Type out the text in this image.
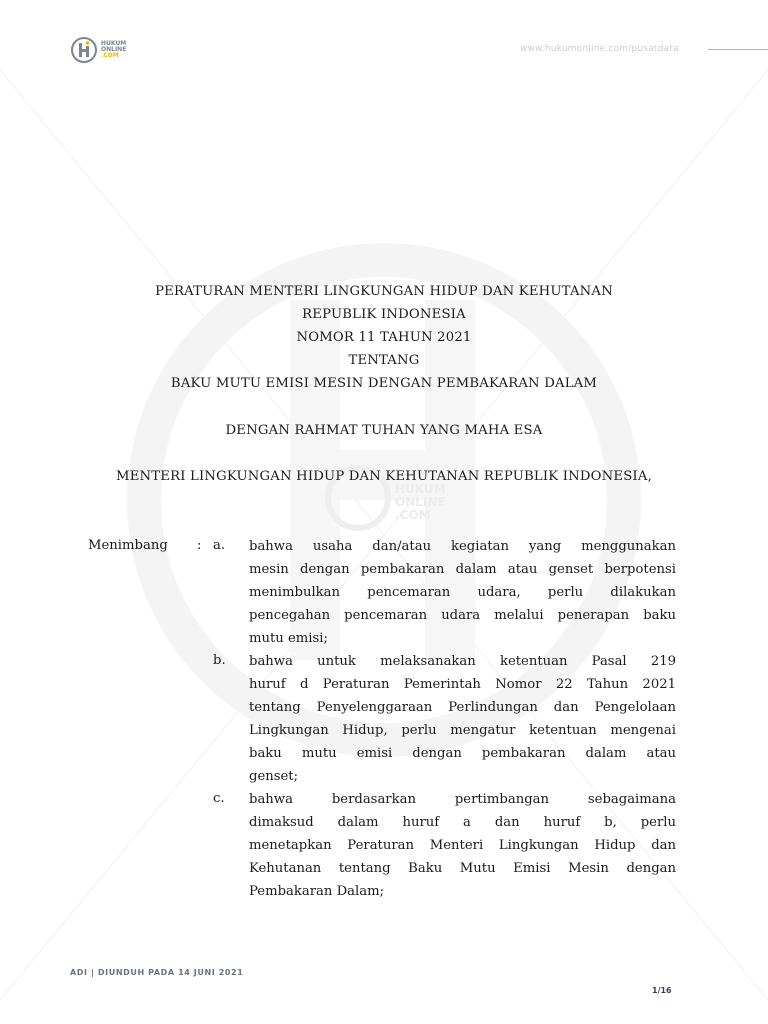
HUKUM
ONLINE
.COM
HUKUM
ONLINE
.COM
www.hukumonline.com/pusatdata
PERATURAN MENTERI LINGKUNGAN HIDUP DAN KEHUTANAN
REPUBLIK INDONESIA
NOMOR 11 TAHUN 2021
TENTANG
BAKU MUTU EMISI MESIN DENGAN PEMBAKARAN DALAM
DENGAN RAHMAT TUHAN YANG MAHA ESA
MENTERI LINGKUNGAN HIDUP DAN KEHUTANAN REPUBLIK INDONESIA,
Menimbang : a. bahwa usaha dan/atau kegiatan yang menggunakan
mesin dengan pembakaran dalam atau genset berpotensi
menimbulkan pencemaran udara, perlu dilakukan
pencegahan pencemaran udara melalui penerapan baku
mutu emisi;
b. bahwa untuk melaksanakan ketentuan Pasal 219
huruf d Peraturan Pemerintah Nomor 22 Tahun 2021
tentang Penyelenggaraan Perlindungan dan Pengelolaan
Lingkungan Hidup, perlu mengatur ketentuan mengenai
baku mutu emisi dengan pembakaran dalam atau
genset;
c. bahwa berdasarkan pertimbangan sebagaimana
dimaksud dalam huruf a dan huruf b, perlu
menetapkan Peraturan Menteri Lingkungan Hidup dan
Kehutanan tentang Baku Mutu Emisi Mesin dengan
Pembakaran Dalam;
ADI | DIUNDUH PADA 14 JUNI 2021
1/16
